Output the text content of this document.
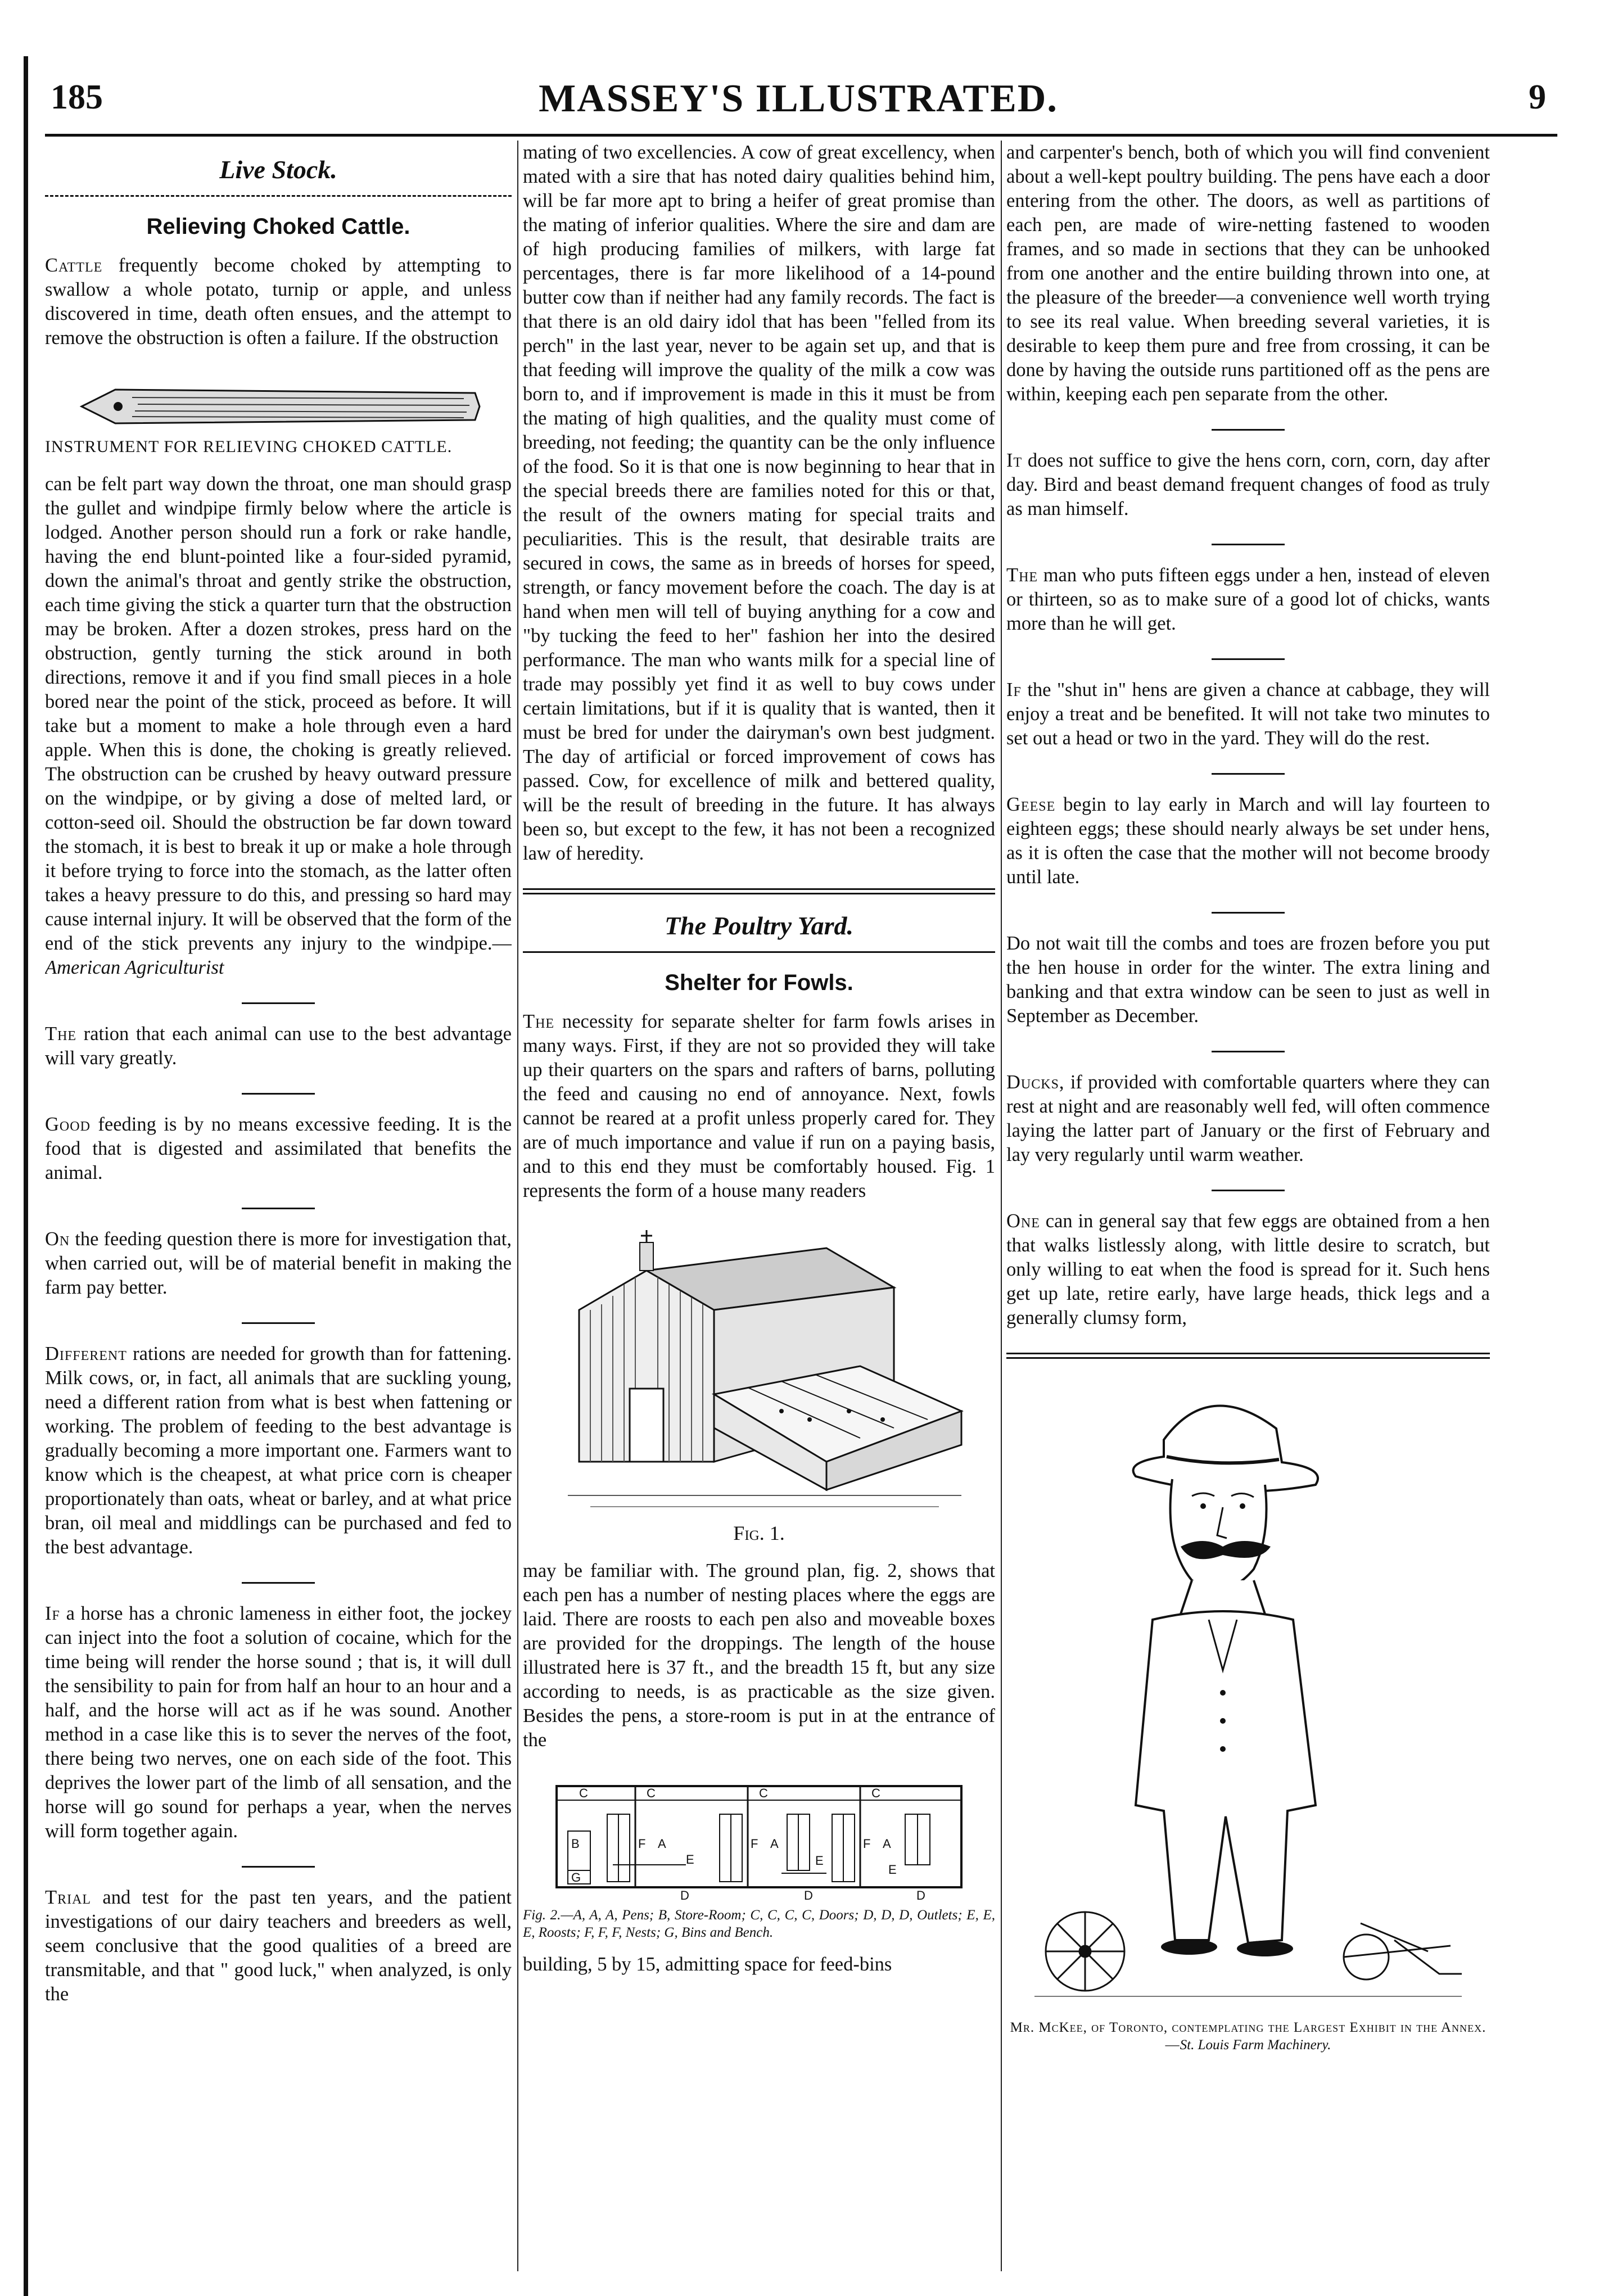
185	MASSEY'S ILLUSTRATED.	9
Live Stock.
Relieving Choked Cattle.

Cattle frequently become choked by attempting to swallow a whole potato, turnip or apple, and unless discovered in time, death often ensues, and the attempt to remove the obstruction is often a failure. If the obstruction

INSTRUMENT FOR RELIEVING CHOKED CATTLE.

can be felt part way down the throat, one man should grasp the gullet and windpipe firmly below where the article is lodged. Another person should run a fork or rake handle, having the end blunt-pointed like a four-sided pyramid, down the animal's throat and gently strike the obstruction, each time giving the stick a quarter turn that the obstruction may be broken. After a dozen strokes, press hard on the obstruction, gently turning the stick around in both directions, remove it and if you find small pieces in a hole bored near the point of the stick, proceed as before. It will take but a moment to make a hole through even a hard apple. When this is done, the choking is greatly relieved. The obstruction can be crushed by heavy outward pressure on the windpipe, or by giving a dose of melted lard, or cotton-seed oil. Should the obstruction be far down toward the stomach, it is best to break it up or make a hole through it before trying to force into the stomach, as the latter often takes a heavy pressure to do this, and pressing so hard may cause internal injury. It will be observed that the form of the end of the stick prevents any injury to the windpipe.—American Agriculturist

The ration that each animal can use to the best advantage will vary greatly.

Good feeding is by no means excessive feeding. It is the food that is digested and assimilated that benefits the animal.

On the feeding question there is more for investigation that, when carried out, will be of material benefit in making the farm pay better.

Different rations are needed for growth than for fattening. Milk cows, or, in fact, all animals that are suckling young, need a different ration from what is best when fattening or working. The problem of feeding to the best advantage is gradually becoming a more important one. Farmers want to know which is the cheapest, at what price corn is cheaper proportionately than oats, wheat or barley, and at what price bran, oil meal and middlings can be purchased and fed to the best advantage.

If a horse has a chronic lameness in either foot, the jockey can inject into the foot a solution of cocaine, which for the time being will render the horse sound ; that is, it will dull the sensibility to pain for from half an hour to an hour and a half, and the horse will act as if he was sound. Another method in a case like this is to sever the nerves of the foot, there being two nerves, one on each side of the foot. This deprives the lower part of the limb of all sensation, and the horse will go sound for perhaps a year, when the nerves will form together again.

Trial and test for the past ten years, and the patient investigations of our dairy teachers and breeders as well, seem conclusive that the good qualities of a breed are transmitable, and that " good luck," when analyzed, is only the

mating of two excellencies. A cow of great excellency, when mated with a sire that has noted dairy qualities behind him, will be far more apt to bring a heifer of great promise than the mating of inferior qualities. Where the sire and dam are of high producing families of milkers, with large fat percentages, there is far more likelihood of a 14-pound butter cow than if neither had any family records. The fact is that there is an old dairy idol that has been "felled from its perch" in the last year, never to be again set up, and that is that feeding will improve the quality of the milk a cow was born to, and if improvement is made in this it must be from the mating of high qualities, and the quality must come of breeding, not feeding; the quantity can be the only influence of the food. So it is that one is now beginning to hear that in the special breeds there are families noted for this or that, the result of the owners mating for special traits and peculiarities. This is the result, that desirable traits are secured in cows, the same as in breeds of horses for speed, strength, or fancy movement before the coach. The day is at hand when men will tell of buying anything for a cow and "by tucking the feed to her" fashion her into the desired performance. The man who wants milk for a special line of trade may possibly yet find it as well to buy cows under certain limitations, but if it is quality that is wanted, then it must be bred for under the dairyman's own best judgment. The day of artificial or forced improvement of cows has passed. Cow, for excellence of milk and bettered quality, will be the result of breeding in the future. It has always been so, but except to the few, it has not been a recognized law of heredity.

The Poultry Yard.
Shelter for Fowls.

The necessity for separate shelter for farm fowls arises in many ways. First, if they are not so provided they will take up their quarters on the spars and rafters of barns, polluting the feed and causing no end of annoyance. Next, fowls cannot be reared at a profit unless properly cared for. They are of much importance and value if run on a paying basis, and to this end they must be comfortably housed. Fig. 1 represents the form of a house many readers

Fig. 1.

may be familiar with. The ground plan, fig. 2, shows that each pen has a number of nesting places where the eggs are laid. There are roosts to each pen also and moveable boxes are provided for the droppings. The length of the house illustrated here is 37 ft., and the breadth 15 ft, but any size according to needs, is as practicable as the size given. Besides the pens, a store-room is put in at the entrance of the

C	C	C	C
B
G
F A
E
F A
E
F A
E
D	D	D
Fig. 2.—A, A, A, Pens; B, Store-Room; C, C, C, C, Doors; D, D, D, Outlets; E, E, E, Roosts; F, F, F, Nests; G, Bins and Bench.

building, 5 by 15, admitting space for feed-bins

and carpenter's bench, both of which you will find convenient about a well-kept poultry building. The pens have each a door entering from the other. The doors, as well as partitions of each pen, are made of wire-netting fastened to wooden frames, and so made in sections that they can be unhooked from one another and the entire building thrown into one, at the pleasure of the breeder—a convenience well worth trying to see its real value. When breeding several varieties, it is desirable to keep them pure and free from crossing, it can be done by having the outside runs partitioned off as the pens are within, keeping each pen separate from the other.

It does not suffice to give the hens corn, corn, corn, day after day. Bird and beast demand frequent changes of food as truly as man himself.

The man who puts fifteen eggs under a hen, instead of eleven or thirteen, so as to make sure of a good lot of chicks, wants more than he will get.

If the "shut in" hens are given a chance at cabbage, they will enjoy a treat and be benefited. It will not take two minutes to set out a head or two in the yard. They will do the rest.

Geese begin to lay early in March and will lay fourteen to eighteen eggs; these should nearly always be set under hens, as it is often the case that the mother will not become broody until late.

Do not wait till the combs and toes are frozen before you put the hen house in order for the winter. The extra lining and banking and that extra window can be seen to just as well in September as December.

Ducks, if provided with comfortable quarters where they can rest at night and are reasonably well fed, will often commence laying the latter part of January or the first of February and lay very regularly until warm weather.

One can in general say that few eggs are obtained from a hen that walks listlessly along, with little desire to scratch, but only willing to eat when the food is spread for it. Such hens get up late, retire early, have large heads, thick legs and a generally clumsy form,

Mr. McKee, of Toronto, contemplating the Largest Exhibit in the Annex.—St. Louis Farm Machinery.
